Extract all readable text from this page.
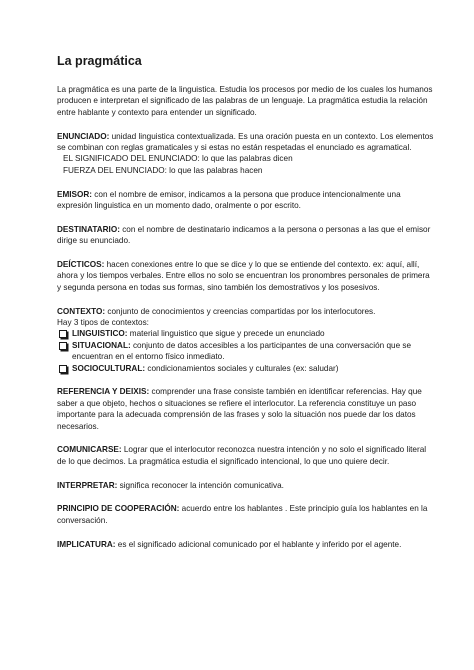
La pragmática

La pragmática es una parte de la linguistica. Estudia los procesos por medio de los cuales los humanos producen e interpretan el significado de las palabras de un lenguaje. La pragmática estudia la relación entre hablante y contexto para entender un significado.

ENUNCIADO: unidad linguistica contextualizada. Es una oración puesta en un contexto. Los elementos se combinan con reglas gramaticales y si estas no están respetadas el enunciado es agramatical.
EL SIGNIFICADO DEL ENUNCIADO: lo que las palabras dicen
FUERZA DEL ENUNCIADO: lo que las palabras hacen

EMISOR: con el nombre de emisor, indicamos a la persona que produce intencionalmente una expresión linguistica en un momento dado, oralmente o por escrito.

DESTINATARIO: con el nombre de destinatario indicamos a la persona o personas a las que el emisor dirige su enunciado.

DEÍCTICOS: hacen conexiones entre lo que se dice y lo que se entiende del contexto. ex: aquí, allí, ahora y los tiempos verbales. Entre ellos no solo se encuentran los pronombres personales de primera y segunda persona en todas sus formas, sino también los demostrativos y los posesivos.

CONTEXTO: conjunto de conocimientos y creencias compartidas por los interlocutores.
Hay 3 tipos de contextos:
LINGUISTICO: material linguistico que sigue y precede un enunciado
SITUACIONAL: conjunto de datos accesibles a los participantes de una conversación que se encuentran en el entorno físico inmediato.
SOCIOCULTURAL: condicionamientos sociales y culturales (ex: saludar)

REFERENCIA Y DEIXIS: comprender una frase consiste también en identificar referencias. Hay que saber a que objeto, hechos o situaciones se refiere el interlocutor. La referencia constituye un paso importante para la adecuada comprensión de las frases y solo la situación nos puede dar los datos necesarios.

COMUNICARSE: Lograr que el interlocutor reconozca nuestra intención y no solo el significado literal de lo que decimos. La pragmática estudia el significado intencional, lo que uno quiere decir.

INTERPRETAR: significa reconocer la intención comunicativa.

PRINCIPIO DE COOPERACIÓN: acuerdo entre los hablantes . Este principio guía los hablantes en la conversación.

IMPLICATURA: es el significado adicional comunicado por el hablante y inferido por el agente.
